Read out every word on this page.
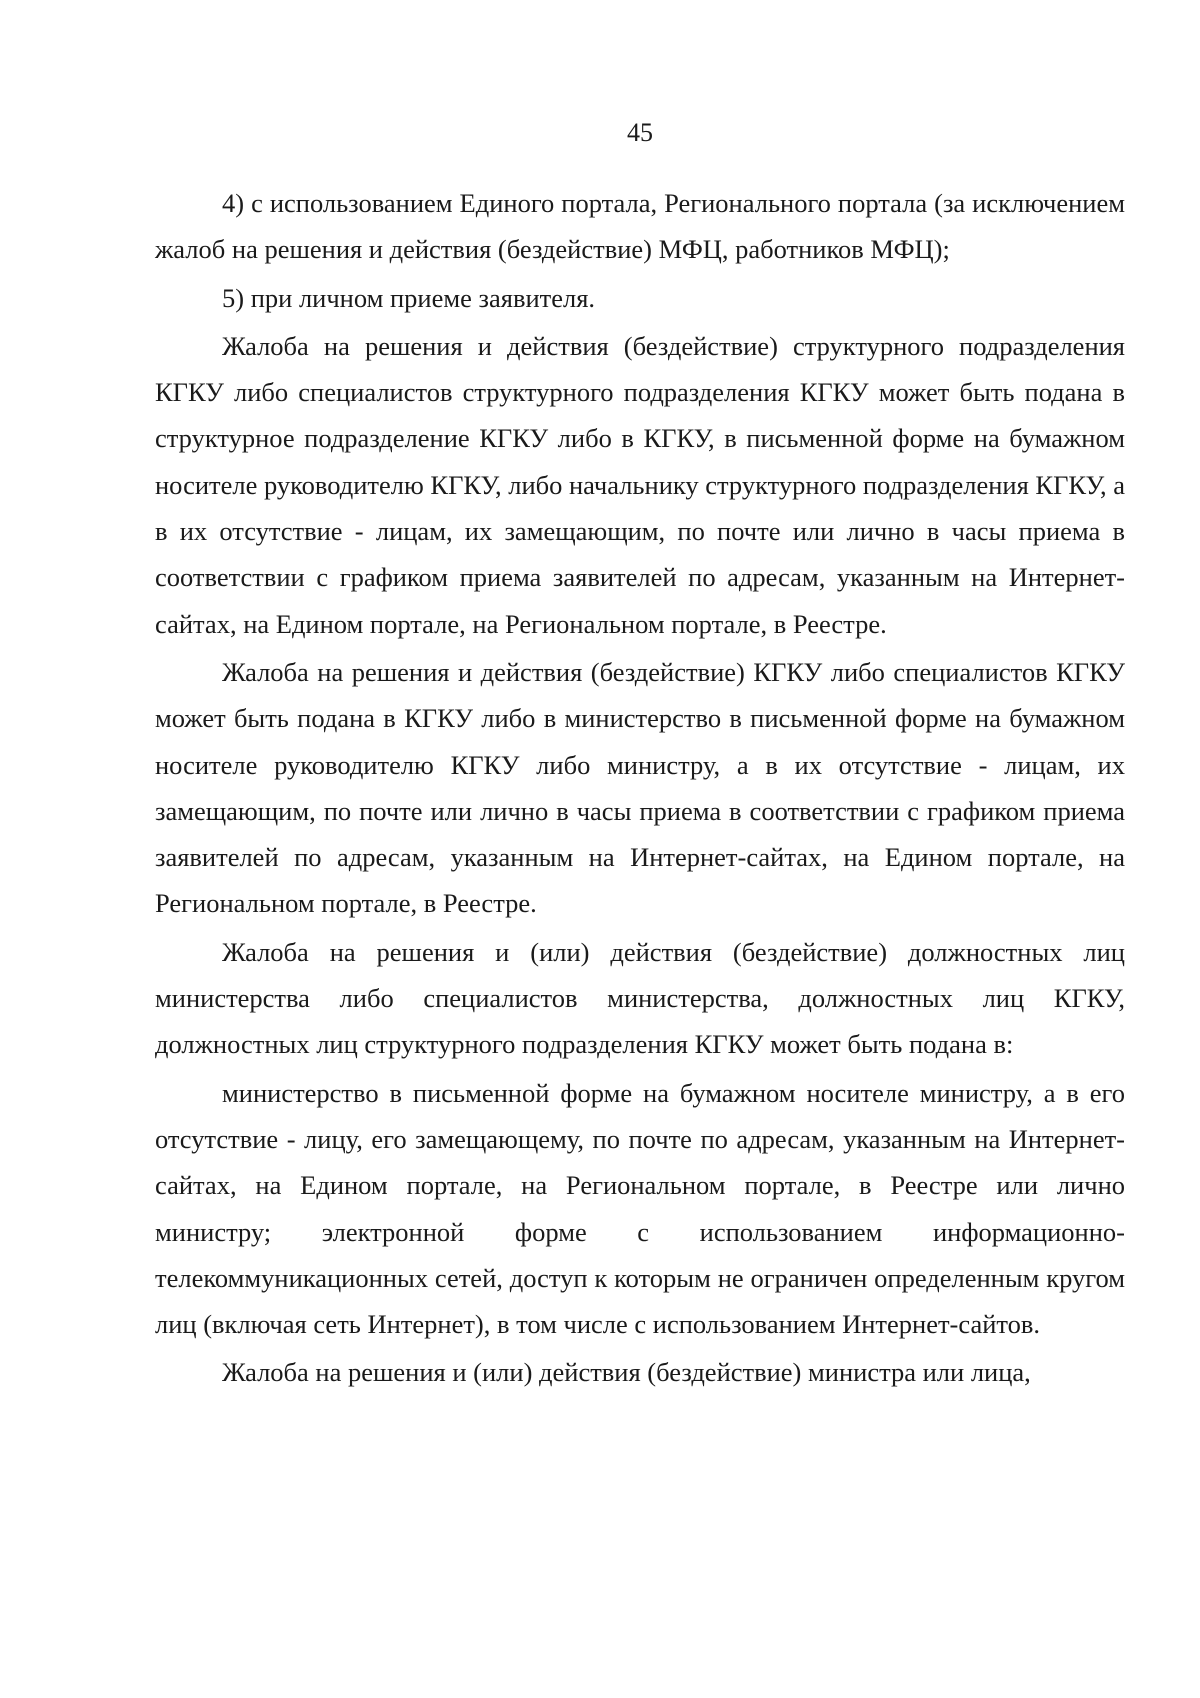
45

4) с использованием Единого портала, Регионального портала (за исключением жалоб на решения и действия (бездействие) МФЦ, работников МФЦ);

5) при личном приеме заявителя.

Жалоба на решения и действия (бездействие) структурного подразделения КГКУ либо специалистов структурного подразделения КГКУ может быть подана в структурное подразделение КГКУ либо в КГКУ, в письменной форме на бумажном носителе руководителю КГКУ, либо начальнику структурного подразделения КГКУ, а в их отсутствие - лицам, их замещающим, по почте или лично в часы приема в соответствии с графиком приема заявителей по адресам, указанным на Интернет-сайтах, на Едином портале, на Региональном портале, в Реестре.

Жалоба на решения и действия (бездействие) КГКУ либо специалистов КГКУ может быть подана в КГКУ либо в министерство в письменной форме на бумажном носителе руководителю КГКУ либо министру, а в их отсутствие - лицам, их замещающим, по почте или лично в часы приема в соответствии с графиком приема заявителей по адресам, указанным на Интернет-сайтах, на Едином портале, на Региональном портале, в Реестре.

Жалоба на решения и (или) действия (бездействие) должностных лиц министерства либо специалистов министерства, должностных лиц КГКУ, должностных лиц структурного подразделения КГКУ может быть подана в:

министерство в письменной форме на бумажном носителе министру, а в его отсутствие - лицу, его замещающему, по почте по адресам, указанным на Интернет-сайтах, на Едином портале, на Региональном портале, в Реестре или лично министру; электронной форме с использованием информационно-телекоммуникационных сетей, доступ к которым не ограничен определенным кругом лиц (включая сеть Интернет), в том числе с использованием Интернет-сайтов.

Жалоба на решения и (или) действия (бездействие) министра или лица,
